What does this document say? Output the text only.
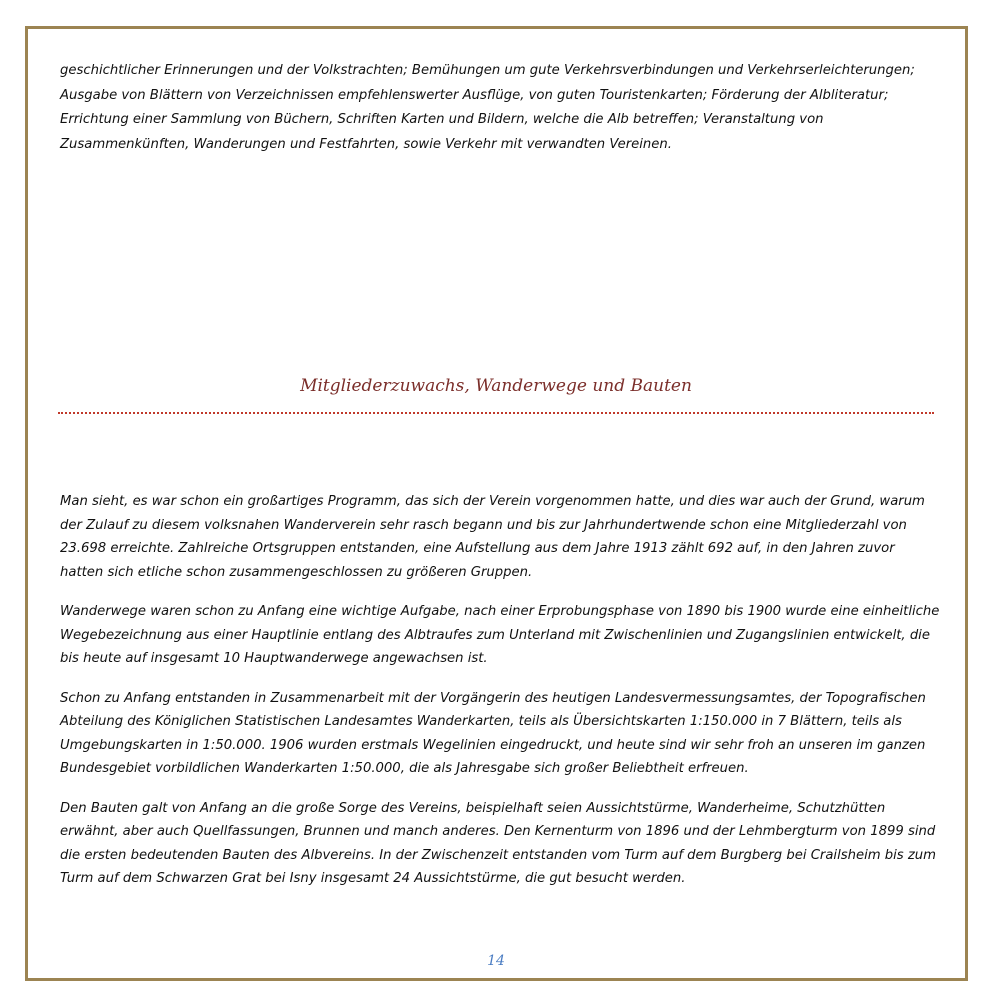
geschichtlicher Erinnerungen und der Volkstrachten; Bemühungen um gute Verkehrsverbindungen und Verkehrserleichterungen; Ausgabe von Blättern von Verzeichnissen empfehlenswerter Ausflüge, von guten Touristenkarten; Förderung der Albliteratur; Errichtung einer Sammlung von Büchern, Schriften Karten und Bildern, welche die Alb betreffen; Veranstaltung von Zusammenkünften, Wanderungen und Festfahrten, sowie Verkehr mit verwandten Vereinen.

Mitgliederzuwachs, Wanderwege und Bauten

Man sieht, es war schon ein großartiges Programm, das sich der Verein vorgenommen hatte, und dies war auch der Grund, warum der Zulauf zu diesem volksnahen Wanderverein sehr rasch begann und bis zur Jahrhundertwende schon eine Mitgliederzahl von 23.698 erreichte. Zahlreiche Ortsgruppen entstanden, eine Aufstellung aus dem Jahre 1913 zählt 692 auf, in den Jahren zuvor hatten sich etliche schon zusammengeschlossen zu größeren Gruppen.

Wanderwege waren schon zu Anfang eine wichtige Aufgabe, nach einer Erprobungsphase von 1890 bis 1900 wurde eine einheitliche Wegebezeichnung aus einer Hauptlinie entlang des Albtraufes zum Unterland mit Zwischenlinien und Zugangslinien entwickelt, die bis heute auf insgesamt 10 Hauptwanderwege angewachsen ist.

Schon zu Anfang entstanden in Zusammenarbeit mit der Vorgängerin des heutigen Landesvermessungsamtes, der Topografischen Abteilung des Königlichen Statistischen Landesamtes Wanderkarten, teils als Übersichtskarten 1:150.000 in 7 Blättern, teils als Umgebungskarten in 1:50.000. 1906 wurden erstmals Wegelinien eingedruckt, und heute sind wir sehr froh an unseren im ganzen Bundesgebiet vorbildlichen Wanderkarten 1:50.000, die als Jahresgabe sich großer Beliebtheit erfreuen.

Den Bauten galt von Anfang an die große Sorge des Vereins, beispielhaft seien Aussichtstürme, Wanderheime, Schutzhütten erwähnt, aber auch Quellfassungen, Brunnen und manch anderes. Den Kernenturm von 1896 und der Lehmbergturm von 1899 sind die ersten bedeutenden Bauten des Albvereins. In der Zwischenzeit entstanden vom Turm auf dem Burgberg bei Crailsheim bis zum Turm auf dem Schwarzen Grat bei Isny insgesamt 24 Aussichtstürme, die gut besucht werden.

14
